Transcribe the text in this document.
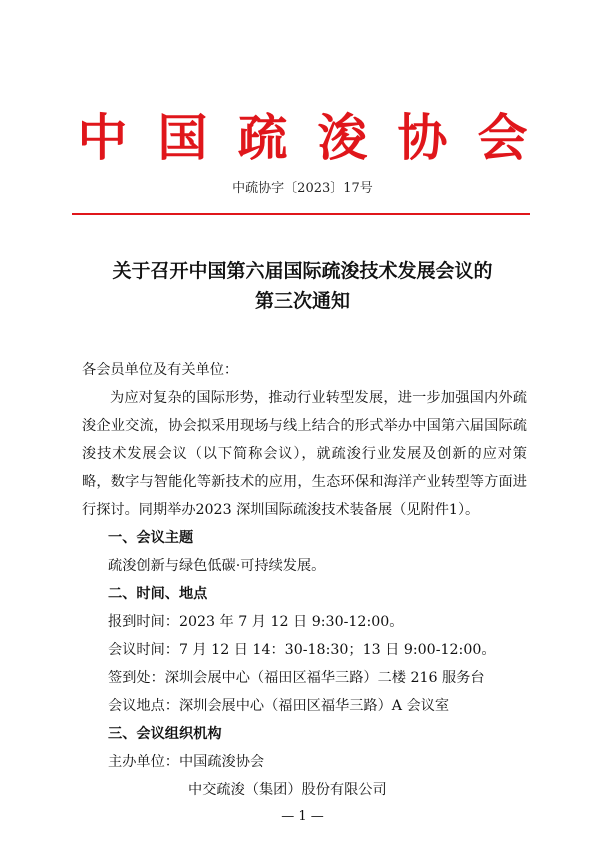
中国疏浚协会
中疏协字〔2023〕17号
关于召开中国第六届国际疏浚技术发展会议的
第三次通知

各会员单位及有关单位：

为应对复杂的国际形势，推动行业转型发展，进一步加强国内外疏浚企业交流，协会拟采用现场与线上结合的形式举办中国第六届国际疏浚技术发展会议（以下简称会议），就疏浚行业发展及创新的应对策略，数字与智能化等新技术的应用，生态环保和海洋产业转型等方面进行探讨。同期举办2023 深圳国际疏浚技术装备展（见附件1）。

一、会议主题

疏浚创新与绿色低碳·可持续发展。

二、时间、地点

报到时间：2023 年 7 月 12 日 9:30-12:00。

会议时间：7 月 12 日 14：30-18:30；13 日 9:00-12:00。

签到处：深圳会展中心（福田区福华三路）二楼 216 服务台

会议地点：深圳会展中心（福田区福华三路）A 会议室

三、会议组织机构

主办单位：中国疏浚协会

中交疏浚（集团）股份有限公司

— 1 —
